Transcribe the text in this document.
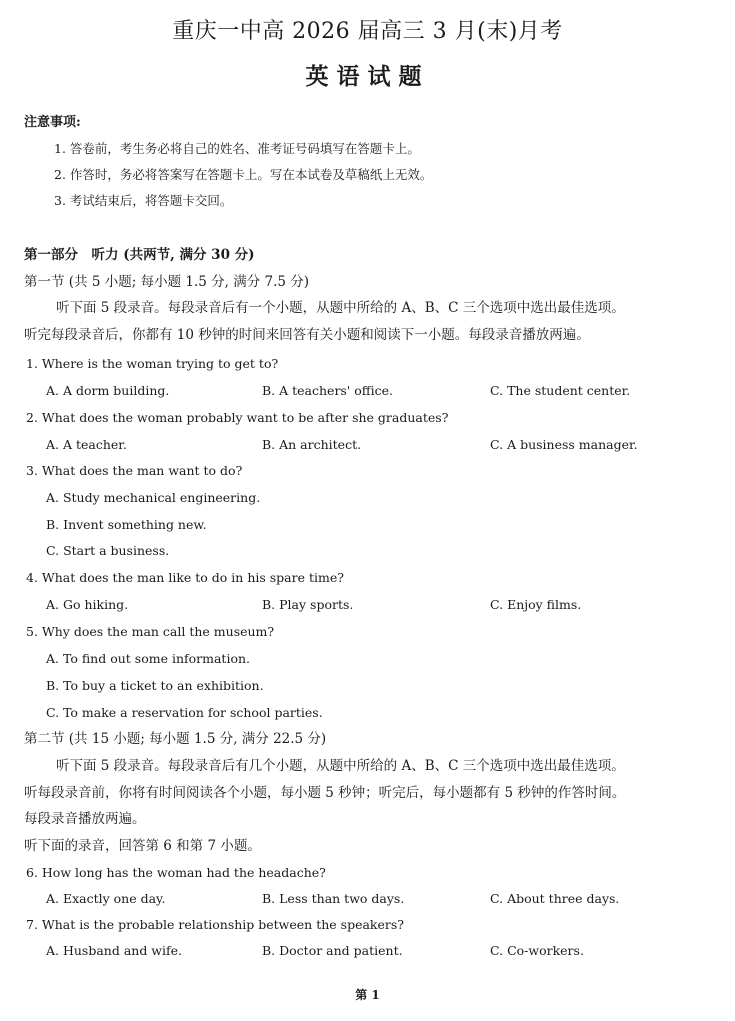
重庆一中高 2026 届高三 3 月(末)月考
英语试题
注意事项:
1. 答卷前，考生务必将自己的姓名、准考证号码填写在答题卡上。
2. 作答时，务必将答案写在答题卡上。写在本试卷及草稿纸上无效。
3. 考试结束后，将答题卡交回。
第一部分　听力 (共两节, 满分 30 分)
第一节 (共 5 小题; 每小题 1.5 分, 满分 7.5 分)
听下面 5 段录音。每段录音后有一个小题，从题中所给的 A、B、C 三个选项中选出最佳选项。
听完每段录音后，你都有 10 秒钟的时间来回答有关小题和阅读下一小题。每段录音播放两遍。
1. Where is the woman trying to get to?
A. A dorm building.	B. A teachers' office.	C. The student center.
2. What does the woman probably want to be after she graduates?
A. A teacher.	B. An architect.	C. A business manager.
3. What does the man want to do?
A. Study mechanical engineering.
B. Invent something new.
C. Start a business.
4. What does the man like to do in his spare time?
A. Go hiking.	B. Play sports.	C. Enjoy films.
5. Why does the man call the museum?
A. To find out some information.
B. To buy a ticket to an exhibition.
C. To make a reservation for school parties.
第二节 (共 15 小题; 每小题 1.5 分, 满分 22.5 分)
听下面 5 段录音。每段录音后有几个小题，从题中所给的 A、B、C 三个选项中选出最佳选项。
听每段录音前，你将有时间阅读各个小题，每小题 5 秒钟；听完后，每小题都有 5 秒钟的作答时间。
每段录音播放两遍。
听下面的录音，回答第 6 和第 7 小题。
6. How long has the woman had the headache?
A. Exactly one day.	B. Less than two days.	C. About three days.
7. What is the probable relationship between the speakers?
A. Husband and wife.	B. Doctor and patient.	C. Co-workers.
第 1
